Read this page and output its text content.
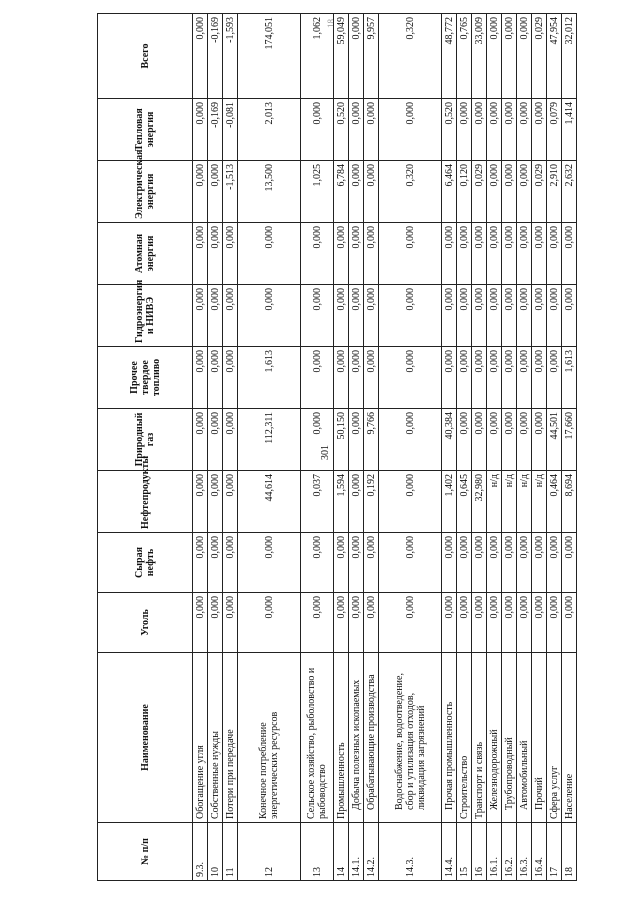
18
№ п/п	Наименование	Уголь	Сырая нефть	Нефтепродукты	Природный газ	Прочее твердое топливо	Гидроэнергия и НИВЭ	Атомная энергия	Электрическая энергия	Тепловая энергия	Всего
9.3.	Обогащение угля	0,000	0,000	0,000	0,000	0,000	0,000	0,000	0,000	0,000	0,000
10	Собственные нужды	0,000	0,000	0,000	0,000	0,000	0,000	0,000	0,000	-0,169	-0,169
11	Потери при передаче	0,000	0,000	0,000	0,000	0,000	0,000	0,000	-1,513	-0,081	-1,593
12	Конечное потребление энергетических ресурсов	0,000	0,000	44,614	112,311	1,613	0,000	0,000	13,500	2,013	174,051
13	Сельское хозяйство, рыболовство и рыбоводство	0,000	0,000	0,037	0,000	0,000	0,000	0,000	1,025	0,000	1,062
14	Промышленность	0,000	0,000	1,594	50,150	0,000	0,000	0,000	6,784	0,520	59,049
14.1.	Добыча полезных ископаемых	0,000	0,000	0,000	0,000	0,000	0,000	0,000	0,000	0,000	0,000
14.2.	Обрабатывающие производства	0,000	0,000	0,192	9,766	0,000	0,000	0,000	0,000	0,000	9,957
14.3.	Водоснабжение, водоотведение, сбор и утилизация отходов, ликвидация загрязнений	0,000	0,000	0,000	0,000	0,000	0,000	0,000	0,320	0,000	0,320
14.4.	Прочая промышленность	0,000	0,000	1,402	40,384	0,000	0,000	0,000	6,464	0,520	48,772
15	Строительство	0,000	0,000	0,645	0,000	0,000	0,000	0,000	0,120	0,000	0,765
16	Транспорт и связь	0,000	0,000	32,980	0,000	0,000	0,000	0,000	0,029	0,000	33,009
16.1.	Железнодорожный	0,000	0,000	н/д	0,000	0,000	0,000	0,000	0,000	0,000	0,000
16.2.	Трубопроводный	0,000	0,000	н/д	0,000	0,000	0,000	0,000	0,000	0,000	0,000
16.3.	Автомобильный	0,000	0,000	н/д	0,000	0,000	0,000	0,000	0,000	0,000	0,000
16.4.	Прочий	0,000	0,000	н/д	0,000	0,000	0,000	0,000	0,029	0,000	0,029
17	Сфера услуг	0,000	0,000	0,464	44,501	0,000	0,000	0,000	2,910	0,079	47,954
18	Население	0,000	0,000	8,694	17,660	1,613	0,000	0,000	2,632	1,414	32,012
301
